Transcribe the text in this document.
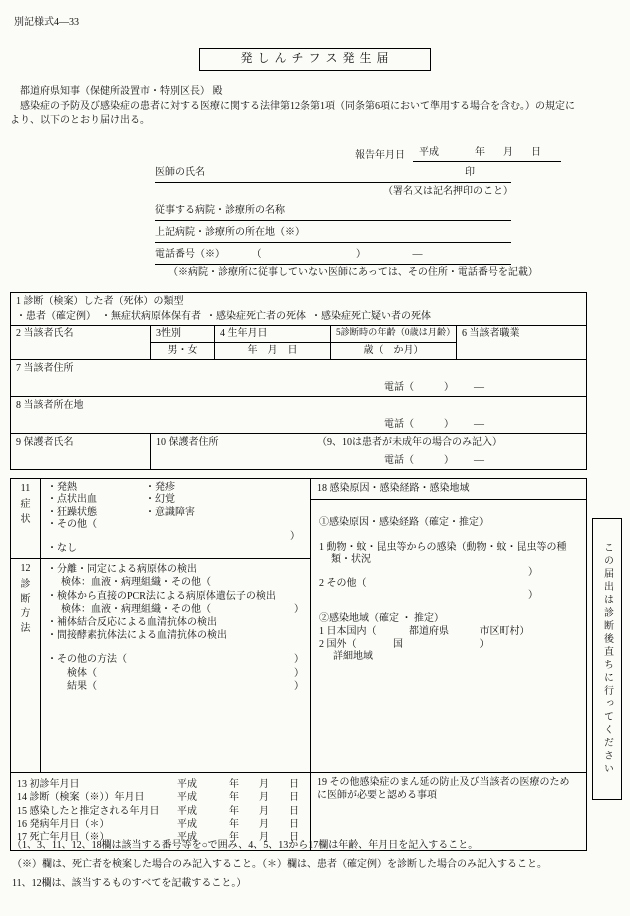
別記様式4—33
発 し ん チ フ ス 発 生 届
都道府県知事（保健所設置市・特別区長） 殿
感染症の予防及び感染症の患者に対する医療に関する法律第12条第1項（同条第6項において準用する場合を含む。）の規定に
より、以下のとおり届け出る。
報告年月日 平成	年 月 日
医師の氏名	印
（署名又は記名押印のこと）
従事する病院・診療所の名称
上記病院・診療所の所在地（※）
電話番号（※）	（	）	—
（※病院・診療所に従事していない医師にあっては、その住所・電話番号を記載）
1 診断（検案）した者（死体）の類型
・患者（確定例）  ・無症状病原体保有者  ・感染症死亡者の死体  ・感染症死亡疑い者の死体				

2 当該者氏名	3性別	4 生年月日	5診断時の年齢（0歳は月齢）	6 当該者職業
	男・女	年    月    日	歳（    か月）	

7 当該者住所
電話（            ）        —				

8 当該者所在地
電話（            ）        —				

9 保護者氏名	10 保護者住所 （9、10は患者が未成年の場合のみ記入）
電話（            ）        —			
11
症状

・発熱	・発疹
・点状出血	・幻覚
・狂躁状態	・意識障害
・その他（
）
・なし

18 感染原因・感染経路・感染地域
①感染原因・感染経路（確定・推定）
1 動物・蚊・昆虫等からの感染（動物・蚊・昆虫等の種
類・状況
）
2 その他（
）
②感染地域（確定 ・ 推定）
1 日本国内（	都道府県	市区町村）
2 国外（	国	）
詳細地域

12
診断方法

・分離・同定による病原体の検出
検体：血液・病理組織・その他（
・検体から直接のPCR法による病原体遺伝子の検出
検体：血液・病理組織・その他（	）
・補体結合反応による血清抗体の検出
・間接酵素抗体法による血清抗体の検出
・その他の方法（	）
検体（	）
結果（	）

13 初診年月日	平成	年	月	日
14 診断（検案（※））年月日	平成	年	月	日
15 感染したと推定される年月日	平成	年	月	日
16 発病年月日（＊）	平成	年	月	日
17 死亡年月日（※）	平成	年	月	日

19 その他感染症のまん延の防止及び当該者の医療のため
に医師が必要と認める事項
この届出は診断後直ちに行ってください
（1、3、11、12、18欄は該当する番号等を○で囲み、4、5、13から17欄は年齢、年月日を記入すること。
（※）欄は、死亡者を検案した場合のみ記入すること。（＊）欄は、患者（確定例）を診断した場合のみ記入すること。
11、12欄は、該当するものすべてを記載すること。）
